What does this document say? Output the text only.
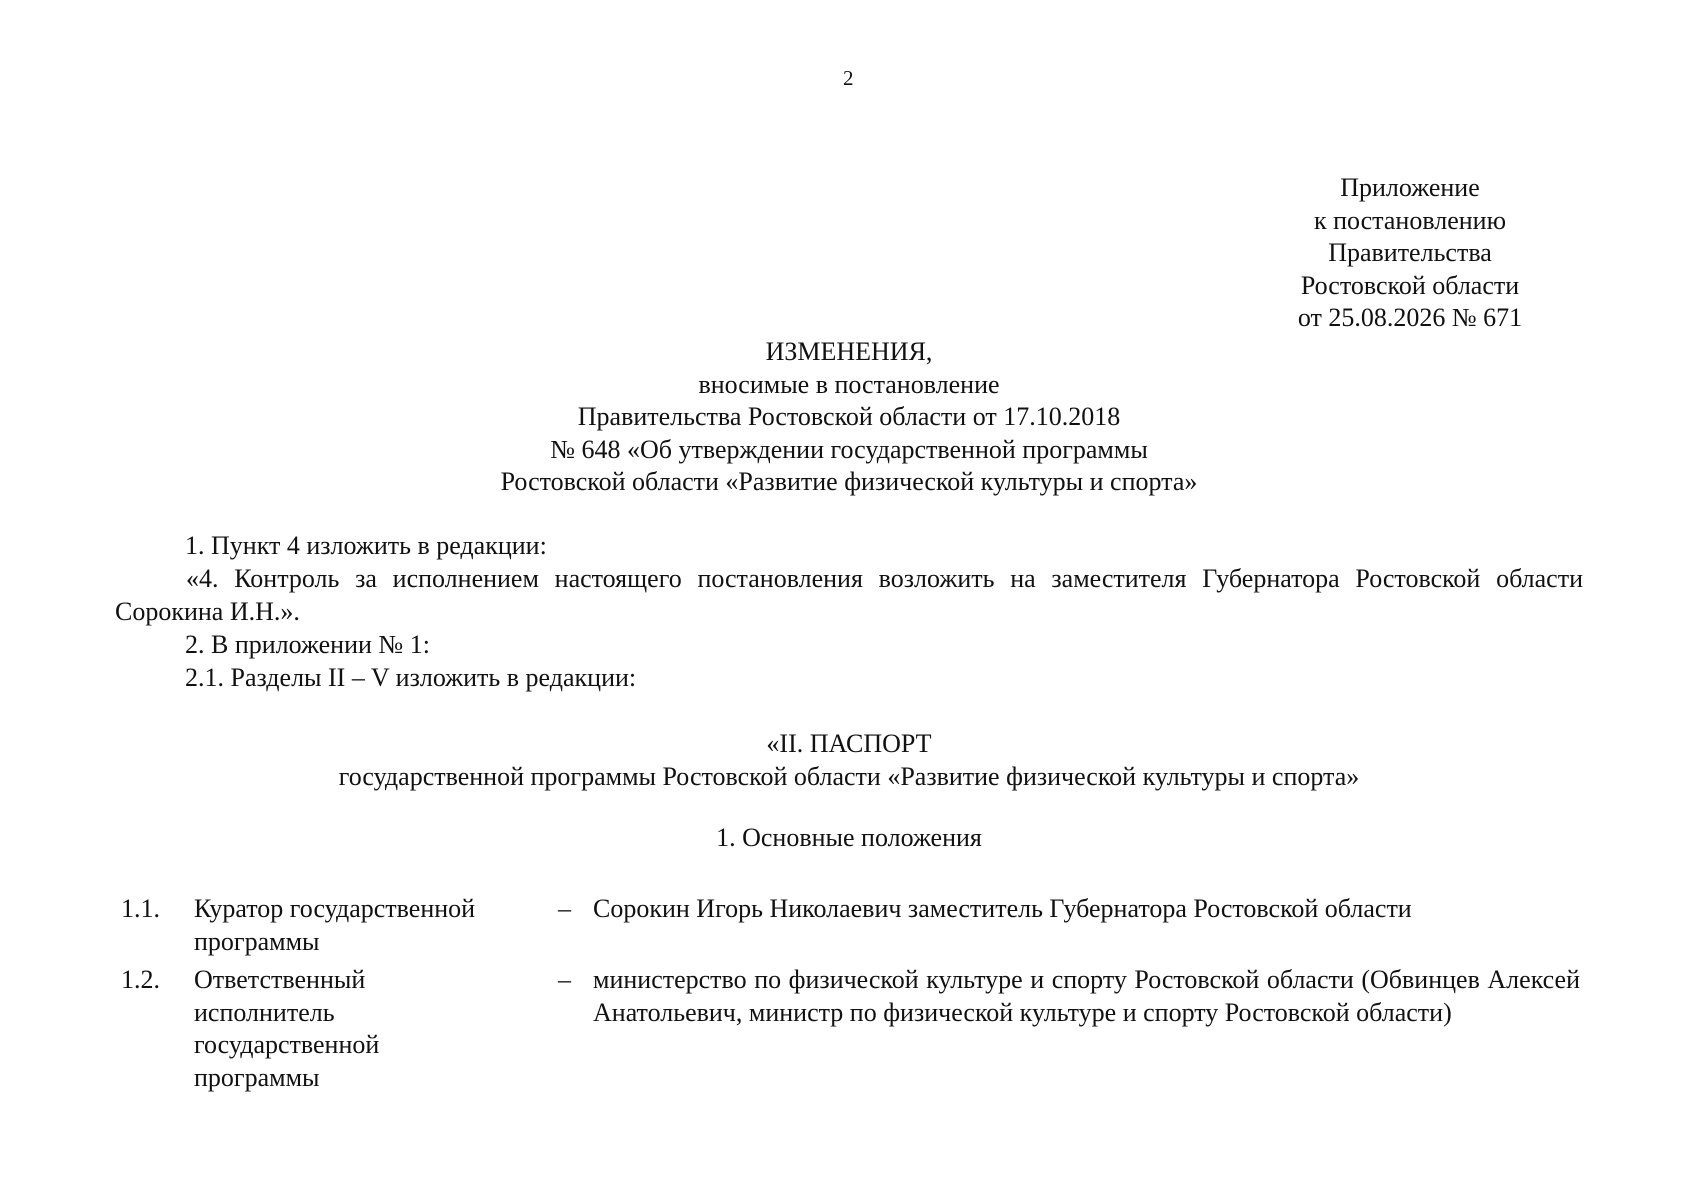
2
Приложение
к постановлению
Правительства
Ростовской области
от 25.08.2026 № 671
ИЗМЕНЕНИЯ,
вносимые в постановление
Правительства Ростовской области от 17.10.2018
№ 648 «Об утверждении государственной программы
Ростовской области «Развитие физической культуры и спорта»
1. Пункт 4 изложить в редакции:
«4. Контроль за исполнением настоящего постановления возложить на заместителя Губернатора Ростовской области Сорокина И.Н.».
2. В приложении № 1:
2.1. Разделы II – V изложить в редакции:
«II. ПАСПОРТ
государственной программы Ростовской области «Развитие физической культуры и спорта»
1. Основные положения
1.1. Куратор государственной программы
– Сорокин Игорь Николаевич заместитель Губернатора Ростовской области
1.2. Ответственный исполнитель государственной программы
– министерство по физической культуре и спорту Ростовской области (Обвинцев Алексей Анатольевич, министр по физической культуре и спорту Ростовской области)
